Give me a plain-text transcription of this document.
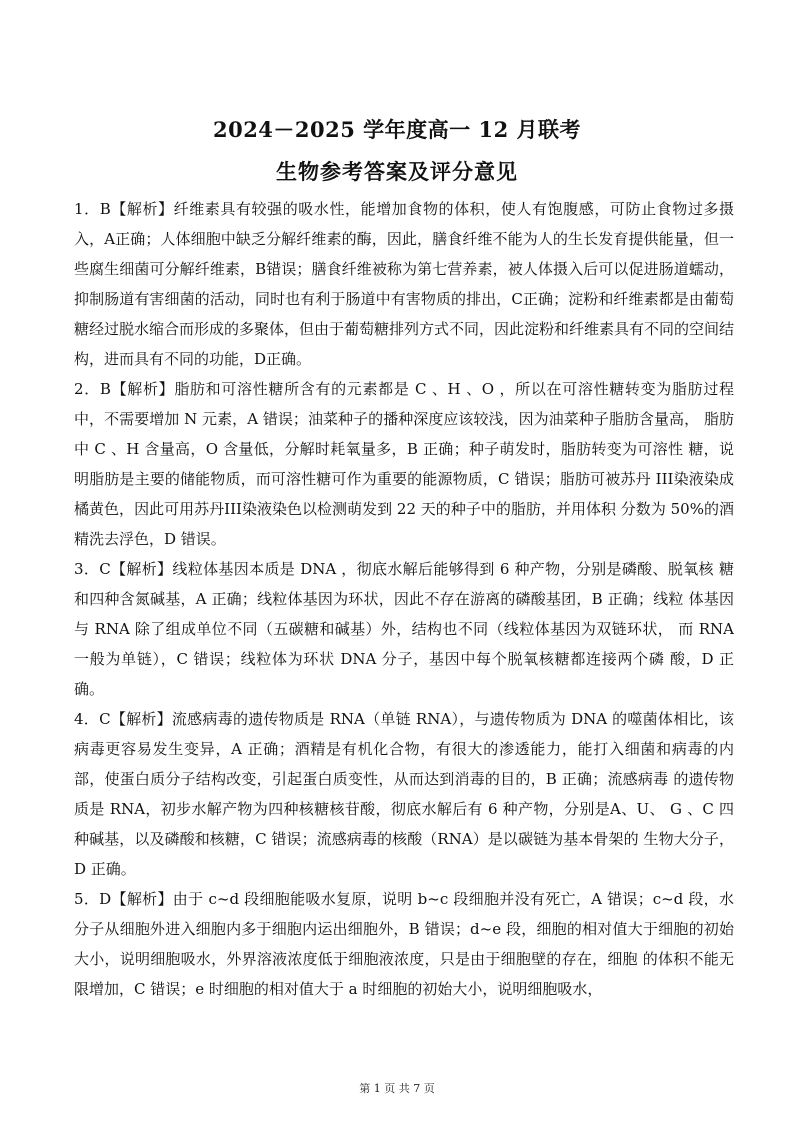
2024－2025 学年度高一 12 月联考
生物参考答案及评分意见

1．B【解析】纤维素具有较强的吸水性，能增加食物的体积，使人有饱腹感，可防止食物过多摄入，A正确；人体细胞中缺乏分解纤维素的酶，因此，膳食纤维不能为人的生长发育提供能量，但一些腐生细菌可分解纤维素，B错误；膳食纤维被称为第七营养素，被人体摄入后可以促进肠道蠕动，抑制肠道有害细菌的活动，同时也有利于肠道中有害物质的排出，C正确；淀粉和纤维素都是由葡萄糖经过脱水缩合而形成的多聚体，但由于葡萄糖排列方式不同，因此淀粉和纤维素具有不同的空间结构，进而具有不同的功能，D正确。

2．B【解析】脂肪和可溶性糖所含有的元素都是 C 、H 、O ，所以在可溶性糖转变为脂肪过程中，不需要增加 N 元素，A 错误；油菜种子的播种深度应该较浅，因为油菜种子脂肪含量高， 脂肪中 C 、H 含量高，O 含量低，分解时耗氧量多，B 正确；种子萌发时，脂肪转变为可溶性 糖，说明脂肪是主要的储能物质，而可溶性糖可作为重要的能源物质，C 错误；脂肪可被苏丹 III染液染成橘黄色，因此可用苏丹III染液染色以检测萌发到 22 天的种子中的脂肪，并用体积 分数为 50%的酒精洗去浮色，D 错误。

3．C【解析】线粒体基因本质是 DNA ，彻底水解后能够得到 6 种产物，分别是磷酸、脱氧核 糖和四种含氮碱基，A 正确；线粒体基因为环状，因此不存在游离的磷酸基团，B 正确；线粒 体基因与 RNA 除了组成单位不同（五碳糖和碱基）外，结构也不同（线粒体基因为双链环状， 而 RNA 一般为单链），C 错误；线粒体为环状 DNA 分子，基因中每个脱氧核糖都连接两个磷 酸，D 正确。

4．C【解析】流感病毒的遗传物质是 RNA（单链 RNA），与遗传物质为 DNA 的噬菌体相比，该病毒更容易发生变异，A 正确；酒精是有机化合物，有很大的渗透能力，能打入细菌和病毒的内部，使蛋白质分子结构改变，引起蛋白质变性，从而达到消毒的目的，B 正确；流感病毒 的遗传物质是 RNA，初步水解产物为四种核糖核苷酸，彻底水解后有 6 种产物，分别是A、U、 G 、C 四种碱基，以及磷酸和核糖，C 错误；流感病毒的核酸（RNA）是以碳链为基本骨架的 生物大分子，D 正确。

5．D【解析】由于 c~d 段细胞能吸水复原，说明 b~c 段细胞并没有死亡，A 错误；c~d 段，水分子从细胞外进入细胞内多于细胞内运出细胞外，B 错误；d~e 段，细胞的相对值大于细胞的初始大小，说明细胞吸水，外界溶液浓度低于细胞液浓度，只是由于细胞壁的存在，细胞 的体积不能无限增加，C 错误；e 时细胞的相对值大于 a 时细胞的初始大小，说明细胞吸水，

第 1 页 共 7 页
